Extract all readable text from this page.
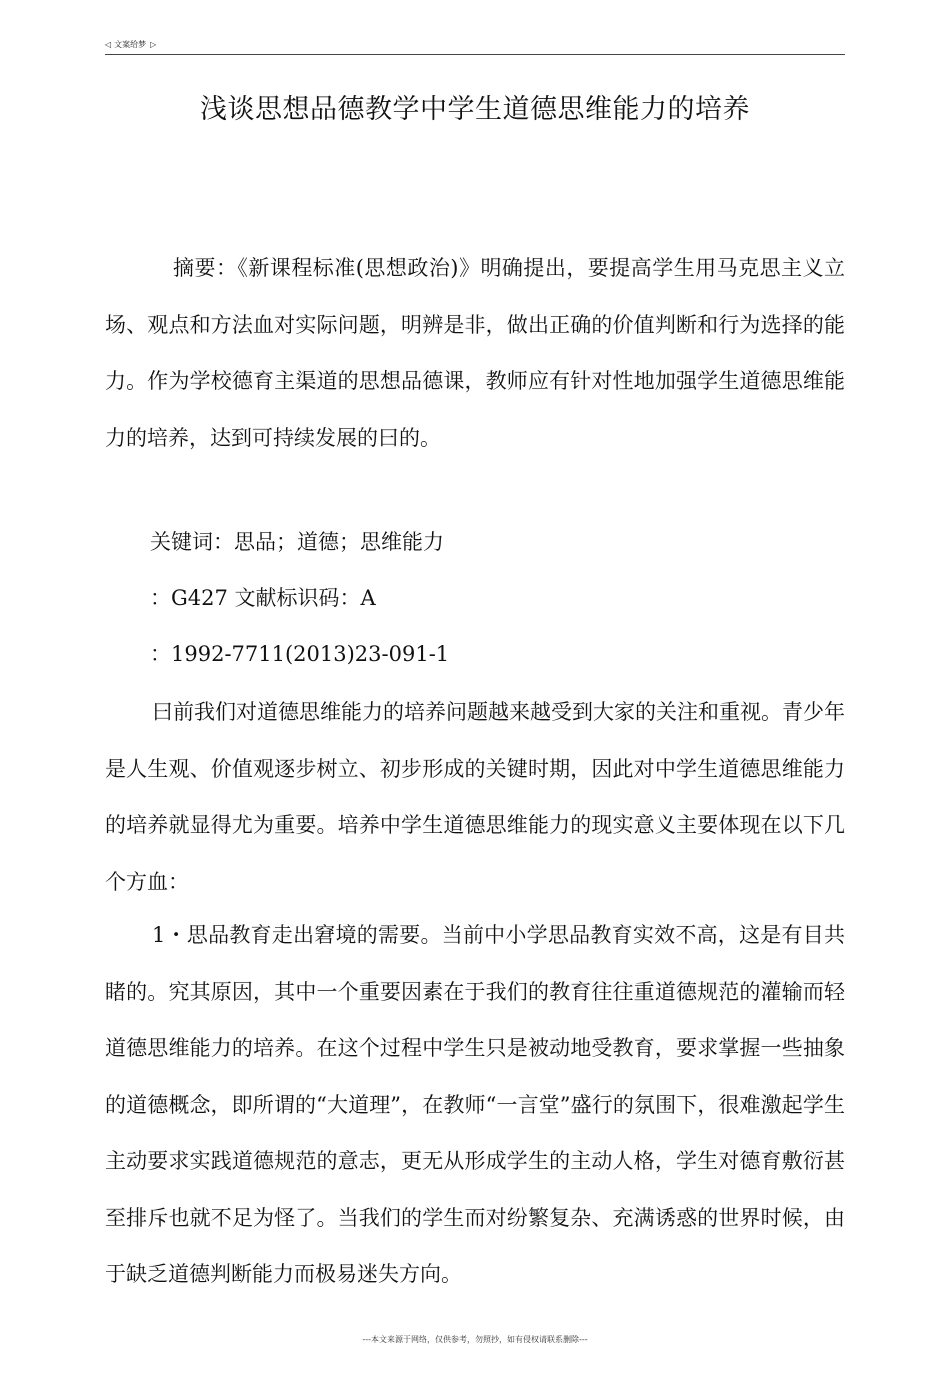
◁ 文案给梦 ▷
浅谈思想品德教学中学生道德思维能力的培养

摘要：《新课程标准(思想政治)》明确提出，要提高学生用马克思主义立场、观点和方法血对实际问题，明辨是非，做出正确的价值判断和行为选择的能力。作为学校德育主渠道的思想品德课，教师应有针对性地加强学生道德思维能力的培养，达到可持续发展的曰的。

关键词：思品；道德；思维能力

：G427 文献标识码：A

：1992-7711(2013)23-091-1

曰前我们对道德思维能力的培养问题越来越受到大家的关注和重视。青少年是人生观、价值观逐步树立、初步形成的关键时期，因此对中学生道德思维能力的培养就显得尤为重要。培养中学生道德思维能力的现实意义主要体现在以下几个方血：

1・思品教育走出窘境的需要。当前中小学思品教育实效不高，这是有目共睹的。究其原因，其中一个重要因素在于我们的教育往往重道德规范的灌输而轻道德思维能力的培养。在这个过程中学生只是被动地受教育，要求掌握一些抽象的道德概念，即所谓的“大道理”，在教师“一言堂”盛行的氛围下，很难激起学生主动要求实践道德规范的意志，更无从形成学生的主动人格，学生对德育敷衍甚至排斥也就不足为怪了。当我们的学生而对纷繁复杂、充满诱惑的世界时候，由于缺乏道德判断能力而极易迷失方向。

---本文来源于网络，仅供参考，勿照抄，如有侵权请联系删除---
